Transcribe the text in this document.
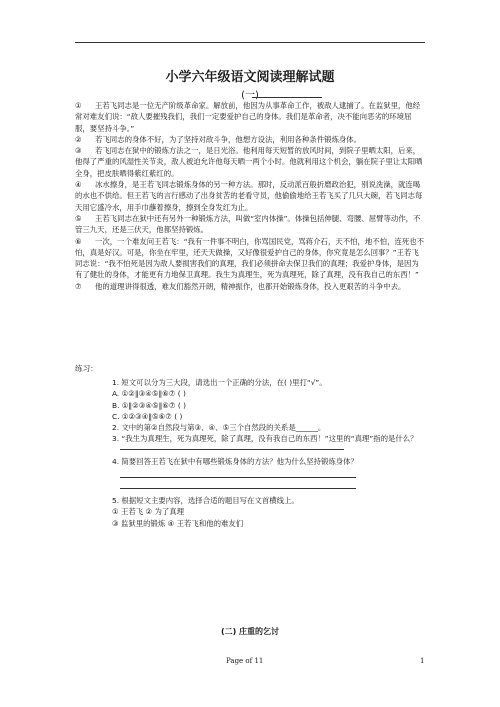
小学六年级语文阅读理解试题
(一)

① 王若飞同志是一位无产阶级革命家。解放前，他因为从事革命工作，被敌人逮捕了。在监狱里，他经常对难友们说：“敌人要摧残我们，我们一定要爱护自己的身体。我们是革命者，决不能向恶劣的环境屈服，要坚持斗争。”

② 若飞同志的身体不好，为了坚持对敌斗争，他想方设法，利用各种条件锻炼身体。

③ 若飞同志在狱中的锻炼方法之一，是日光浴。他利用每天短暂的放风时间，到院子里晒太阳，后来，他得了严重的风湿性关节炎，敌人被迫允许他每天晒一两个小时。他就利用这个机会，躺在院子里让太阳晒全身，把皮肤晒得紫红紫红的。

④ 冰水擦身，是王若飞同志锻炼身体的另一种方法。那时，反动派百般折磨政治犯，别说洗澡，就连喝的水也不供给。但王若飞的言行感动了出身贫苦的老看守员，他偷偷地给王若飞买了几只大碗，若飞同志每天用它盛冷水，用手巾蘸着擦身，擦到全身发红为止。

⑤ 王若飞同志在狱中还有另外一种锻炼方法，叫做“室内体操”。体操包括伸腿、弯腰、屈臂等动作，不管三九天，还是三伏天，他都坚持锻炼。

⑥ 一次，一个难友问王若飞：“我有一件事不明白，你骂国民党，骂蒋介石，天不怕，地不怕，连死也不怕，真是好汉。可是，你坐在牢里，还天天做操，又好像很爱护自己的身体，你究竟是怎么回事？”王若飞同志说：“我不怕死是因为敌人要损害我们的真理，我们必须拼命去保卫我们的真理；我爱护身体，是因为有了健壮的身体，才能更有力地保卫真理。我生为真理生，死为真理死，除了真理，没有我自己的东西！”

⑦ 他的道理讲得很透，难友们豁然开朗，精神振作，也都开始锻炼身体，投入更艰苦的斗争中去。

练习：

1. 短文可以分为三大段，请选出一个正确的分法，在( )里打“√”。

A. ①②‖③④⑤‖⑥⑦ ( )

B. ①‖②③④⑤‖⑥⑦ ( )

C. ①②③④‖⑤⑥⑦ ( )

2. 文中的第②自然段与第③、④、⑤三个自然段的关系是______。

3. “我生为真理生，死为真理死，除了真理，没有我自己的东西！”这里的“真理”指的是什么？

4. 简要回答王若飞在狱中有哪些锻炼身体的方法？他为什么坚持锻炼身体？

5. 根据短文主要内容，选择合适的题目写在文首横线上。

① 王若飞 ② 为了真理

③ 监狱里的锻炼 ④ 王若飞和他的难友们

(二) 庄重的乞讨
Page of 11	1
